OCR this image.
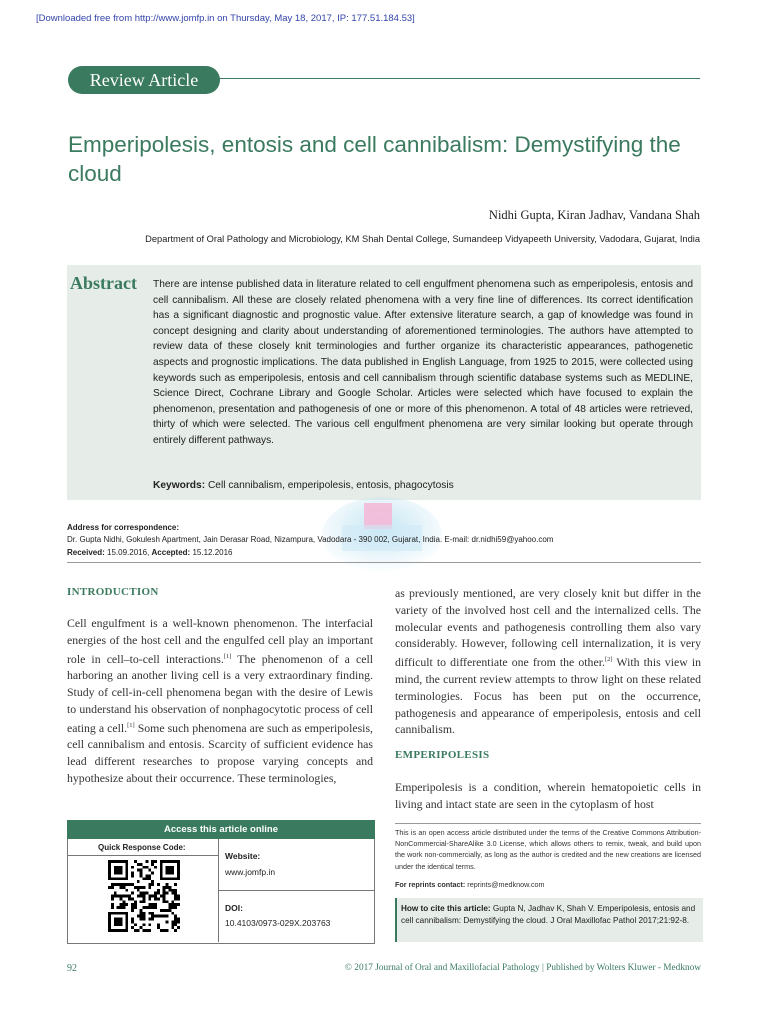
[Downloaded free from http://www.jomfp.in on Thursday, May 18, 2017, IP: 177.51.184.53]
Review Article
Emperipolesis, entosis and cell cannibalism: Demystifying the cloud
Nidhi Gupta, Kiran Jadhav, Vandana Shah
Department of Oral Pathology and Microbiology, KM Shah Dental College, Sumandeep Vidyapeeth University, Vadodara, Gujarat, India
Abstract There are intense published data in literature related to cell engulfment phenomena such as emperipolesis, entosis and cell cannibalism. All these are closely related phenomena with a very fine line of differences. Its correct identification has a significant diagnostic and prognostic value. After extensive literature search, a gap of knowledge was found in concept designing and clarity about understanding of aforementioned terminologies. The authors have attempted to review data of these closely knit terminologies and further organize its characteristic appearances, pathogenetic aspects and prognostic implications. The data published in English Language, from 1925 to 2015, were collected using keywords such as emperipolesis, entosis and cell cannibalism through scientific database systems such as MEDLINE, Science Direct, Cochrane Library and Google Scholar. Articles were selected which have focused to explain the phenomenon, presentation and pathogenesis of one or more of this phenomenon. A total of 48 articles were retrieved, thirty of which were selected. The various cell engulfment phenomena are very similar looking but operate through entirely different pathways.
Keywords: Cell cannibalism, emperipolesis, entosis, phagocytosis
Address for correspondence:
Dr. Gupta Nidhi, Gokulesh Apartment, Jain Derasar Road, Nizampura, Vadodara - 390 002, Gujarat, India. E-mail: dr.nidhi59@yahoo.com
Received: 15.09.2016, Accepted: 15.12.2016
INTRODUCTION
Cell engulfment is a well-known phenomenon. The interfacial energies of the host cell and the engulfed cell play an important role in cell–to-cell interactions.[1] The phenomenon of a cell harboring an another living cell is a very extraordinary finding. Study of cell-in-cell phenomena began with the desire of Lewis to understand his observation of nonphagocytotic process of cell eating a cell.[1] Some such phenomena are such as emperipolesis, cell cannibalism and entosis. Scarcity of sufficient evidence has lead different researches to propose varying concepts and hypothesize about their occurrence. These terminologies,
as previously mentioned, are very closely knit but differ in the variety of the involved host cell and the internalized cells. The molecular events and pathogenesis controlling them also vary considerably. However, following cell internalization, it is very difficult to differentiate one from the other.[2] With this view in mind, the current review attempts to throw light on these related terminologies. Focus has been put on the occurrence, pathogenesis and appearance of emperipolesis, entosis and cell cannibalism.
EMPERIPOLESIS
Emperipolesis is a condition, wherein hematopoietic cells in living and intact state are seen in the cytoplasm of host
Access this article online
Quick Response Code:
Website:
www.jomfp.in
DOI:
10.4103/0973-029X.203763
This is an open access article distributed under the terms of the Creative Commons Attribution-NonCommercial-ShareAlike 3.0 License, which allows others to remix, tweak, and build upon the work non-commercially, as long as the author is credited and the new creations are licensed under the identical terms.
For reprints contact: reprints@medknow.com
How to cite this article: Gupta N, Jadhav K, Shah V. Emperipolesis, entosis and cell cannibalism: Demystifying the cloud. J Oral Maxillofac Pathol 2017;21:92-8.
92	© 2017 Journal of Oral and Maxillofacial Pathology | Published by Wolters Kluwer - Medknow
